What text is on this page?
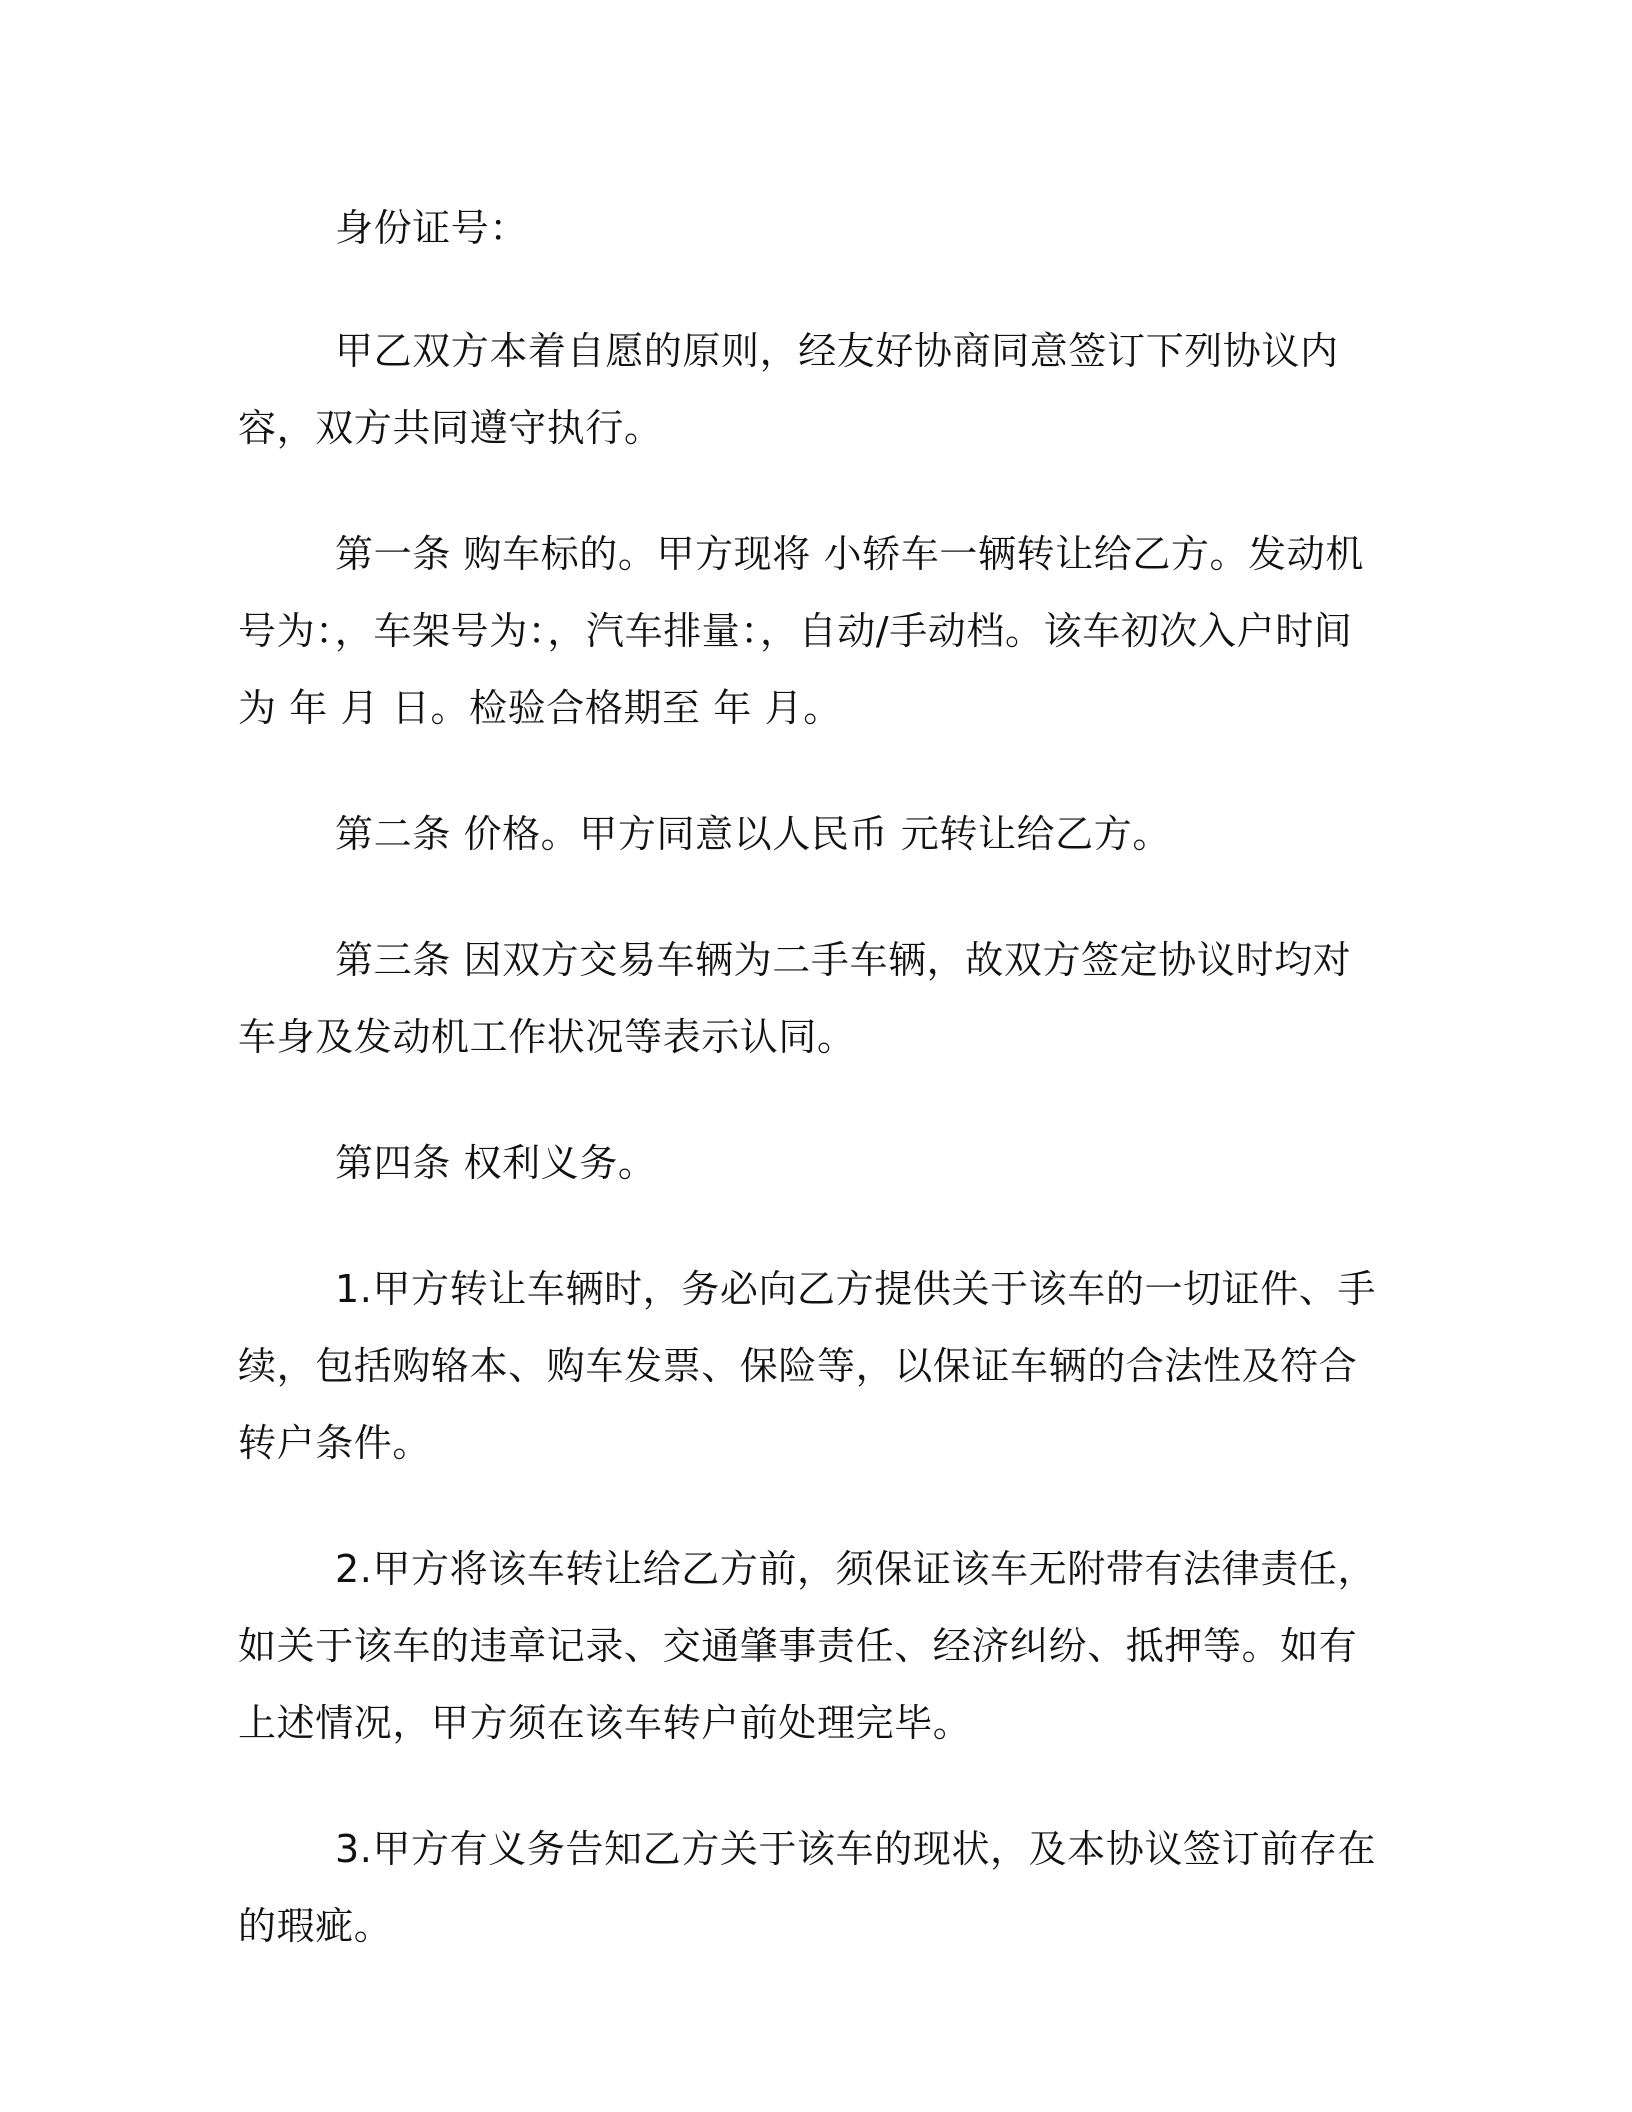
身份证号：

甲乙双方本着自愿的原则，经友好协商同意签订下列协议内容，双方共同遵守执行。

第一条 购车标的。甲方现将 小轿车一辆转让给乙方。发动机号为：，车架号为：，汽车排量：，自动/手动档。该车初次入户时间为 年 月 日。检验合格期至 年 月。

第二条 价格。甲方同意以人民币 元转让给乙方。

第三条 因双方交易车辆为二手车辆，故双方签定协议时均对车身及发动机工作状况等表示认同。

第四条 权利义务。

1.甲方转让车辆时，务必向乙方提供关于该车的一切证件、手续，包括购辂本、购车发票、保险等，以保证车辆的合法性及符合转户条件。

2.甲方将该车转让给乙方前，须保证该车无附带有法律责任，如关于该车的违章记录、交通肇事责任、经济纠纷、抵押等。如有上述情况，甲方须在该车转户前处理完毕。

3.甲方有义务告知乙方关于该车的现状，及本协议签订前存在的瑕疵。
